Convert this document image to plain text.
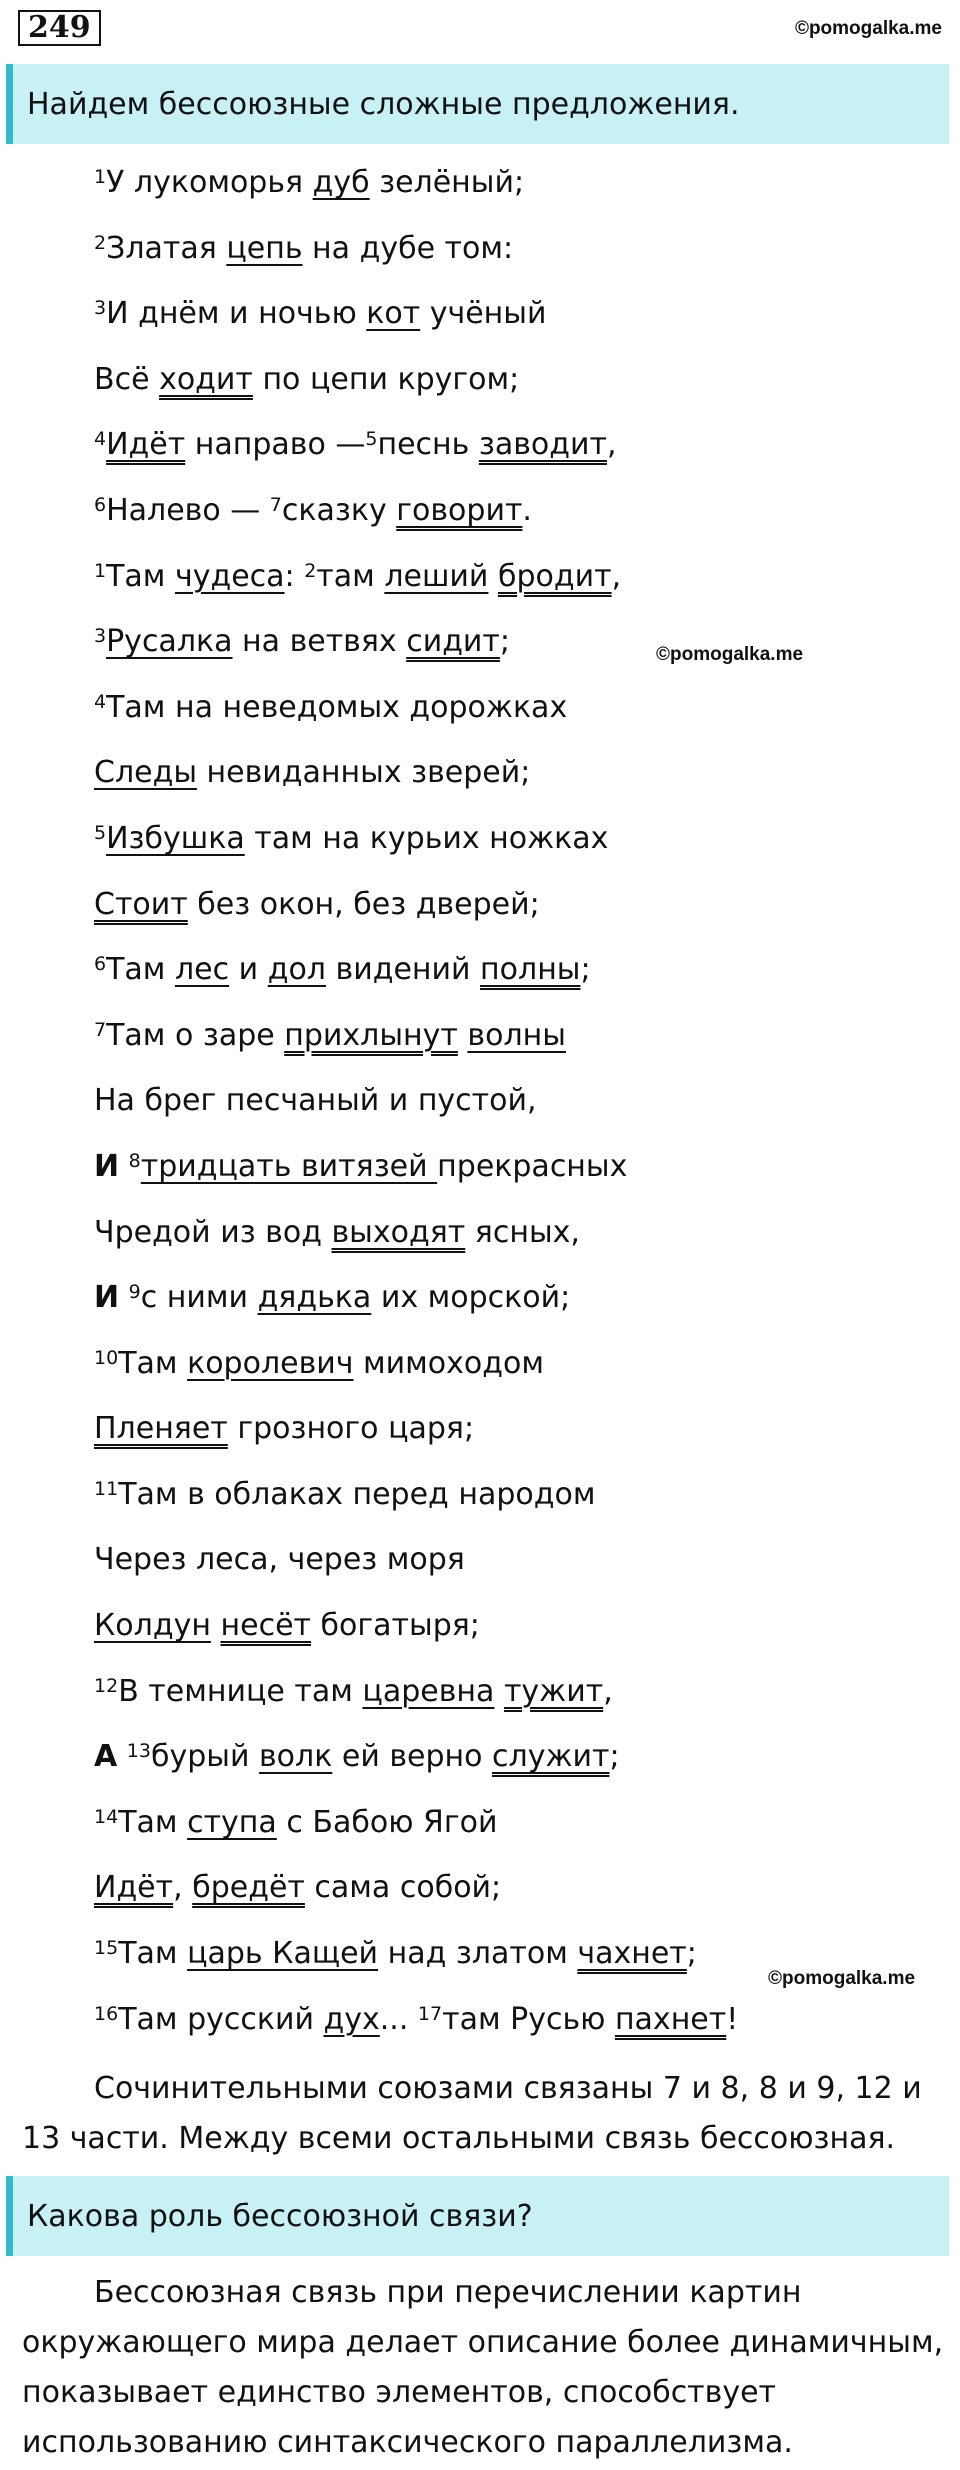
249	©pomogalka.me
Найдем бессоюзные сложные предложения.
$^1$У лукоморья дуб зелёный;
$^2$Златая цепь на дубе том:
$^3$И днём и ночью кот учёный
Всё ходит по цепи кругом;
$^4$Идёт направо —$^5$песнь заводит,
$^6$Налево — $^7$сказку говорит.
$^1$Там чудеса: $^2$там леший бродит,
$^3$Русалка на ветвях сидит;
$^4$Там на неведомых дорожках
Следы невиданных зверей;
$^5$Избушка там на курьих ножках
Стоит без окон, без дверей;
$^6$Там лес и дол видений полны;
$^7$Там о заре прихлынут волны
На брег песчаный и пустой,
И $^8$тридцать витязей прекрасных
Чредой из вод выходят ясных,
И $^9$с ними дядька их морской;
$^{10}$Там королевич мимоходом
Пленяет грозного царя;
$^{11}$Там в облаках перед народом
Через леса, через моря
Колдун несёт богатыря;
$^{12}$В темнице там царевна тужит,
А $^{13}$бурый волк ей верно служит;
$^{14}$Там ступа с Бабою Ягой
Идёт, бредёт сама собой;
$^{15}$Там царь Кащей над златом чахнет;
$^{16}$Там русский дух... $^{17}$там Русью пахнет!
©pomogalka.me
©pomogalka.me
Сочинительными союзами связаны 7 и 8, 8 и 9, 12 и 13 части. Между всеми остальными связь бессоюзная.
Какова роль бессоюзной связи?
Бессоюзная связь при перечислении картин окружающего мира делает описание более динамичным, показывает единство элементов, способствует использованию синтаксического параллелизма.
